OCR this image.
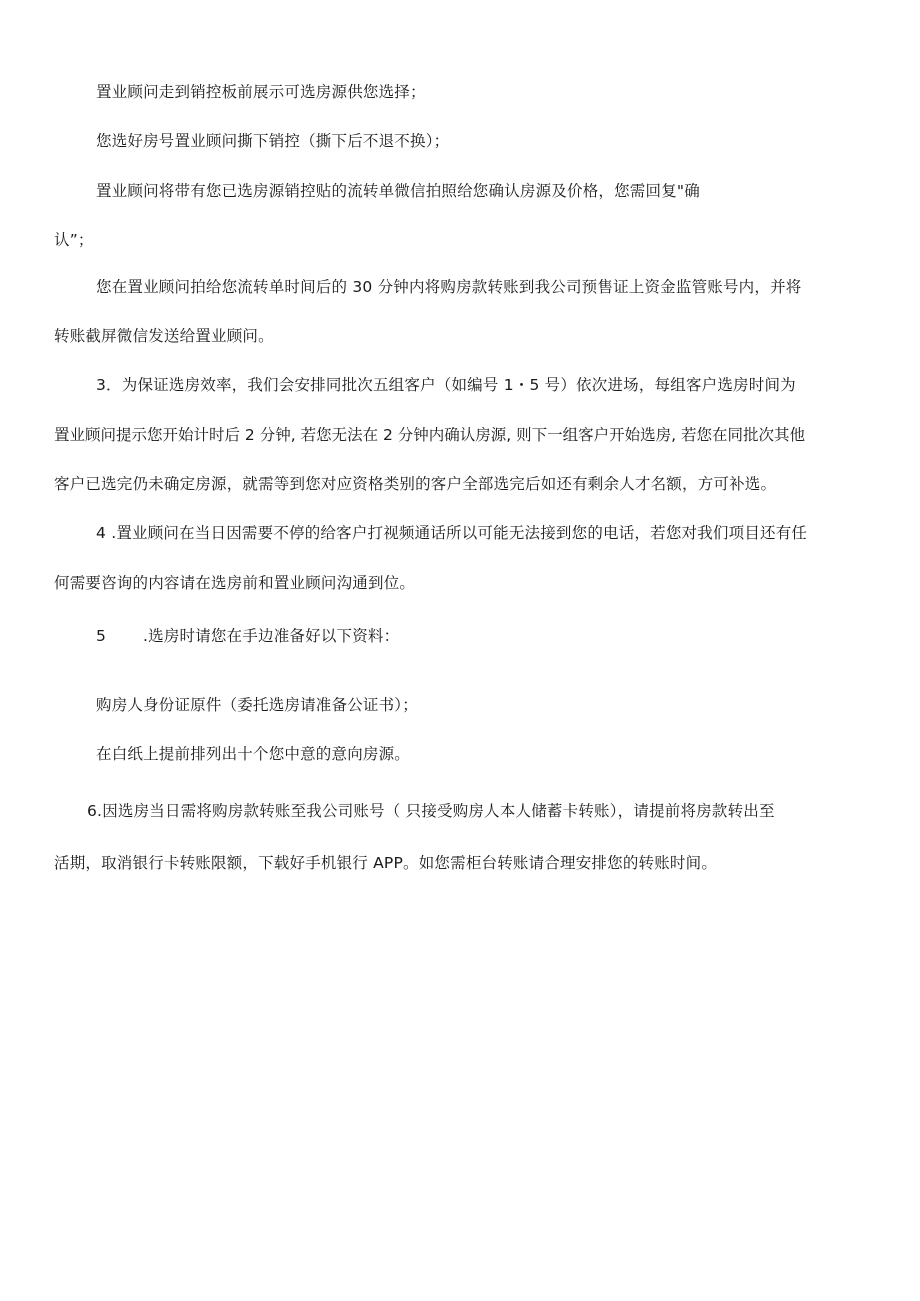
置业顾问走到销控板前展示可选房源供您选择；
您选好房号置业顾问撕下销控（撕下后不退不换）；
置业顾问将带有您已选房源销控贴的流转单微信拍照给您确认房源及价格，您需回复"确
认”；
您在置业顾问拍给您流转单时间后的 30 分钟内将购房款转账到我公司预售证上资金监管账号内，并将
转账截屏微信发送给置业顾问。
3．为保证选房效率，我们会安排同批次五组客户（如编号 1・5 号）依次进场，每组客户选房时间为
置业顾问提示您开始计时后 2 分钟, 若您无法在 2 分钟内确认房源, 则下一组客户开始选房, 若您在同批次其他
客户已选完仍未确定房源，就需等到您对应资格类别的客户全部选完后如还有剩余人才名额，方可补选。
4 .置业顾问在当日因需要不停的给客户打视频通话所以可能无法接到您的电话，若您对我们项目还有任
何需要咨询的内容请在选房前和置业顾问沟通到位。
5 .选房时请您在手边准备好以下资料：
购房人身份证原件（委托选房请准备公证书）；
在白纸上提前排列出十个您中意的意向房源。
6.因选房当日需将购房款转账至我公司账号（ 只接受购房人本人储蓄卡转账），请提前将房款转出至
活期，取消银行卡转账限额，下载好手机银行 APP。如您需柜台转账请合理安排您的转账时间。
